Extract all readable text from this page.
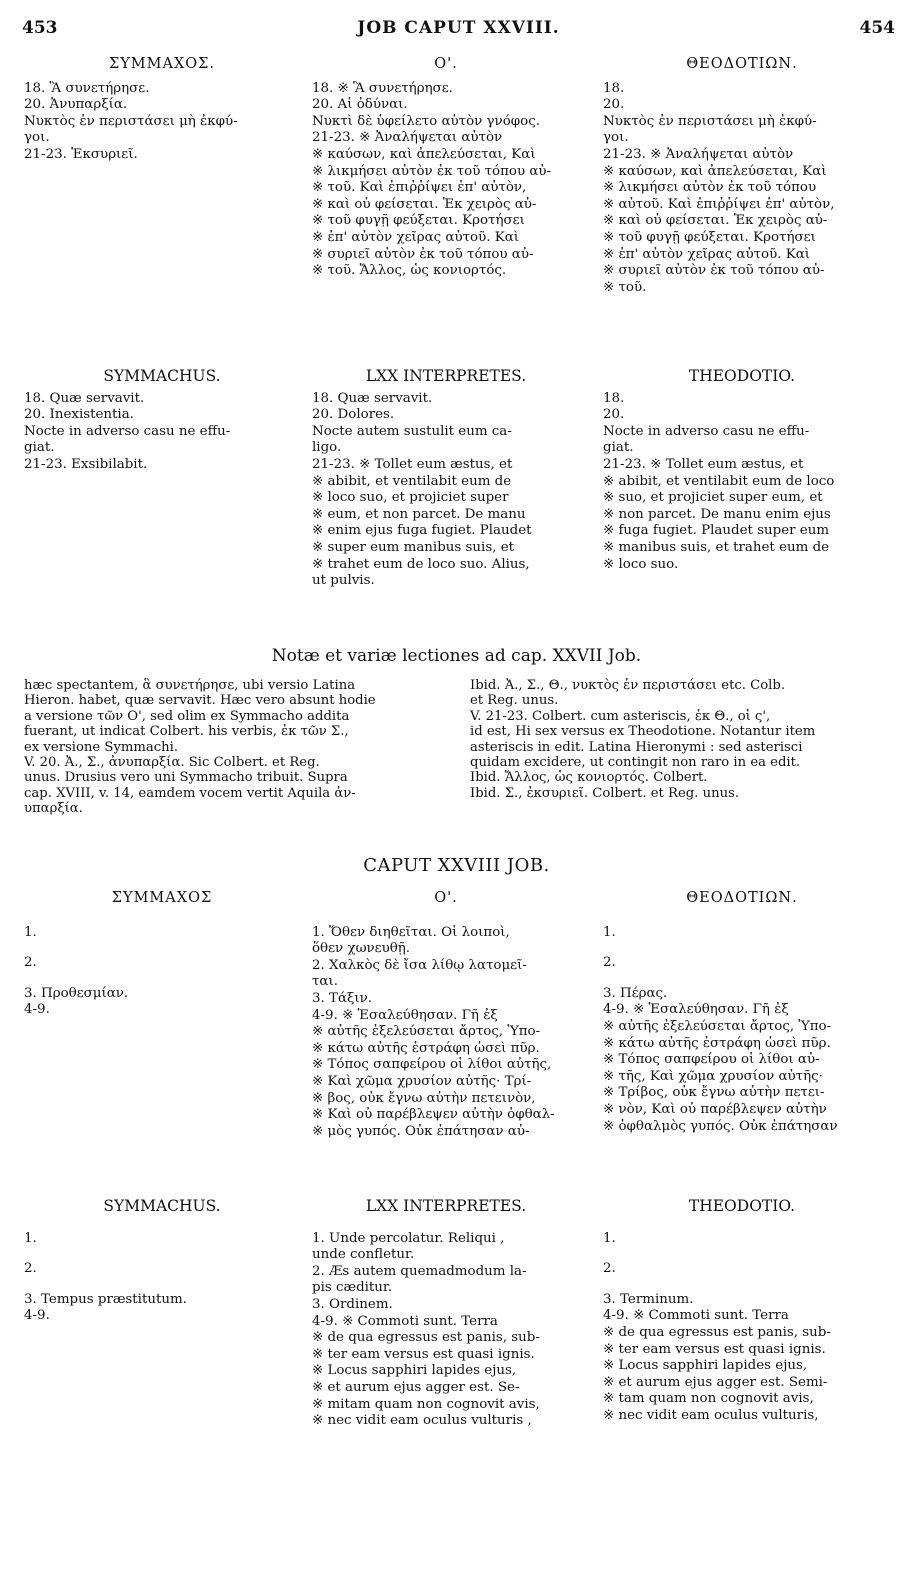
453	JOB CAPUT XXVIII.	454
ΣΥΜΜΑΧΟΣ.
18. Ἃ συνετήρησε.
20. Ἀνυπαρξία.
Νυκτὸς ἐν περιστάσει μὴ ἐκφύ-
γοι.
21-23. Ἐκσυριεῖ.
Ο'.
18. ※ Ἃ συνετήρησε.
20. Αἱ ὀδύναι.
Νυκτὶ δὲ ὑφείλετο αὐτὸν γνόφος.
21-23. ※ Ἀναλήψεται αὐτὸν
※ καύσων, καὶ ἀπελεύσεται, Καὶ
※ λικμήσει αὐτὸν ἐκ τοῦ τόπου αὐ-
※ τοῦ. Καὶ ἐπιῤῥίψει ἐπ' αὐτὸν,
※ καὶ οὐ φείσεται. Ἐκ χειρὸς αὐ-
※ τοῦ φυγῇ φεύξεται. Κροτήσει
※ ἐπ' αὐτὸν χεῖρας αὐτοῦ. Καὶ
※ συριεῖ αὐτὸν ἐκ τοῦ τόπου αὐ-
※ τοῦ. Ἄλλος, ὡς κονιορτός.
ΘΕΟΔΟΤΙΩΝ.
18.
20.
Νυκτὸς ἐν περιστάσει μὴ ἐκφύ-
γοι.
21-23. ※ Ἀναλήψεται αὐτὸν
※ καύσων, καὶ ἀπελεύσεται, Καὶ
※ λικμήσει αὐτὸν ἐκ τοῦ τόπου
※ αὐτοῦ. Καὶ ἐπιῤῥίψει ἐπ' αὐτὸν,
※ καὶ οὐ φείσεται. Ἐκ χειρὸς αὐ-
※ τοῦ φυγῇ φεύξεται. Κροτήσει
※ ἐπ' αὐτὸν χεῖρας αὐτοῦ. Καὶ
※ συριεῖ αὐτὸν ἐκ τοῦ τόπου αὐ-
※ τοῦ.
SYMMACHUS.
18. Quæ servavit.
20. Inexistentia.
Nocte in adverso casu ne effu-
giat.
21-23. Exsibilabit.
LXX INTERPRETES.
18. Quæ servavit.
20. Dolores.
Nocte autem sustulit eum ca-
ligo.
21-23. ※ Tollet eum æstus, et
※ abibit, et ventilabit eum de
※ loco suo, et projiciet super
※ eum, et non parcet. De manu
※ enim ejus fuga fugiet. Plaudet
※ super eum manibus suis, et
※ trahet eum de loco suo. Alius,
ut pulvis.
THEODOTIO.
18.
20.
Nocte in adverso casu ne effu-
giat.
21-23. ※ Tollet eum æstus, et
※ abibit, et ventilabit eum de loco
※ suo, et projiciet super eum, et
※ non parcet. De manu enim ejus
※ fuga fugiet. Plaudet super eum
※ manibus suis, et trahet eum de
※ loco suo.
Notæ et variæ lectiones ad cap. XXVII Job.
hæc spectantem, ἃ συνετήρησε, ubi versio Latina
Hieron. habet, quæ servavit. Hæc vero absunt hodie
a versione τῶν Ο', sed olim ex Symmacho addita
fuerant, ut indicat Colbert. his verbis, ἐκ τῶν Σ.,
ex versione Symmachi.
V. 20. Ἀ., Σ., ἀνυπαρξία. Sic Colbert. et Reg.
unus. Drusius vero uni Symmacho tribuit. Supra
cap. XVIII, v. 14, eamdem vocem vertit Aquila ἀν-
υπαρξία.
Ibid. Ἀ., Σ., Θ., νυκτὸς ἐν περιστάσει etc. Colb.
et Reg. unus.
V. 21-23. Colbert. cum asteriscis, ἐκ Θ., οἱ ς',
id est, Hi sex versus ex Theodotione. Notantur item
asteriscis in edit. Latina Hieronymi : sed asterisci
quidam excidere, ut contingit non raro in ea edit.
Ibid. Ἄλλος, ὡς κονιορτός. Colbert.
Ibid. Σ., ἐκσυριεῖ. Colbert. et Reg. unus.
CAPUT XXVIII JOB.
ΣΥΜΜΑΧΟΣ
1.

2.

3. Προθεσμίαν.
4-9.
Ο'.
1. Ὅθεν διηθεῖται. Οἱ λοιποὶ,
ὅθεν χωνευθῇ.
2. Χαλκὸς δὲ ἴσα λίθῳ λατομεῖ-
ται.
3. Τάξιν.
4-9. ※ Ἐσαλεύθησαν. Γῆ ἐξ
※ αὐτῆς ἐξελεύσεται ἄρτος, Ὑπο-
※ κάτω αὐτῆς ἐστράφη ὡσεὶ πῦρ.
※ Τόπος σαπφείρου οἱ λίθοι αὐτῆς,
※ Καὶ χῶμα χρυσίον αὐτῆς· Τρί-
※ βος, οὐκ ἔγνω αὐτὴν πετεινὸν,
※ Καὶ οὐ παρέβλεψεν αὐτὴν ὀφθαλ-
※ μὸς γυπός. Οὐκ ἐπάτησαν αὐ-
ΘΕΟΔΟΤΙΩΝ.
1.

2.

3. Πέρας.
4-9. ※ Ἐσαλεύθησαν. Γῆ ἐξ
※ αὐτῆς ἐξελεύσεται ἄρτος, Ὑπο-
※ κάτω αὐτῆς ἐστράφη ὡσεὶ πῦρ.
※ Τόπος σαπφείρου οἱ λίθοι αὐ-
※ τῆς, Καὶ χῶμα χρυσίον αὐτῆς·
※ Τρίβος, οὐκ ἔγνω αὐτὴν πετει-
※ νὸν, Καὶ οὐ παρέβλεψεν αὐτὴν
※ ὀφθαλμὸς γυπός. Οὐκ ἐπάτησαν
SYMMACHUS.
1.

2.

3. Tempus præstitutum.
4-9.
LXX INTERPRETES.
1. Unde percolatur. Reliqui ,
unde confletur.
2. Æs autem quemadmodum la-
pis cæditur.
3. Ordinem.
4-9. ※ Commoti sunt. Terra
※ de qua egressus est panis, sub-
※ ter eam versus est quasi ignis.
※ Locus sapphiri lapides ejus,
※ et aurum ejus agger est. Se-
※ mitam quam non cognovit avis,
※ nec vidit eam oculus vulturis ,
THEODOTIO.
1.

2.

3. Terminum.
4-9. ※ Commoti sunt. Terra
※ de qua egressus est panis, sub-
※ ter eam versus est quasi ignis.
※ Locus sapphiri lapides ejus,
※ et aurum ejus agger est. Semi-
※ tam quam non cognovit avis,
※ nec vidit eam oculus vulturis,
